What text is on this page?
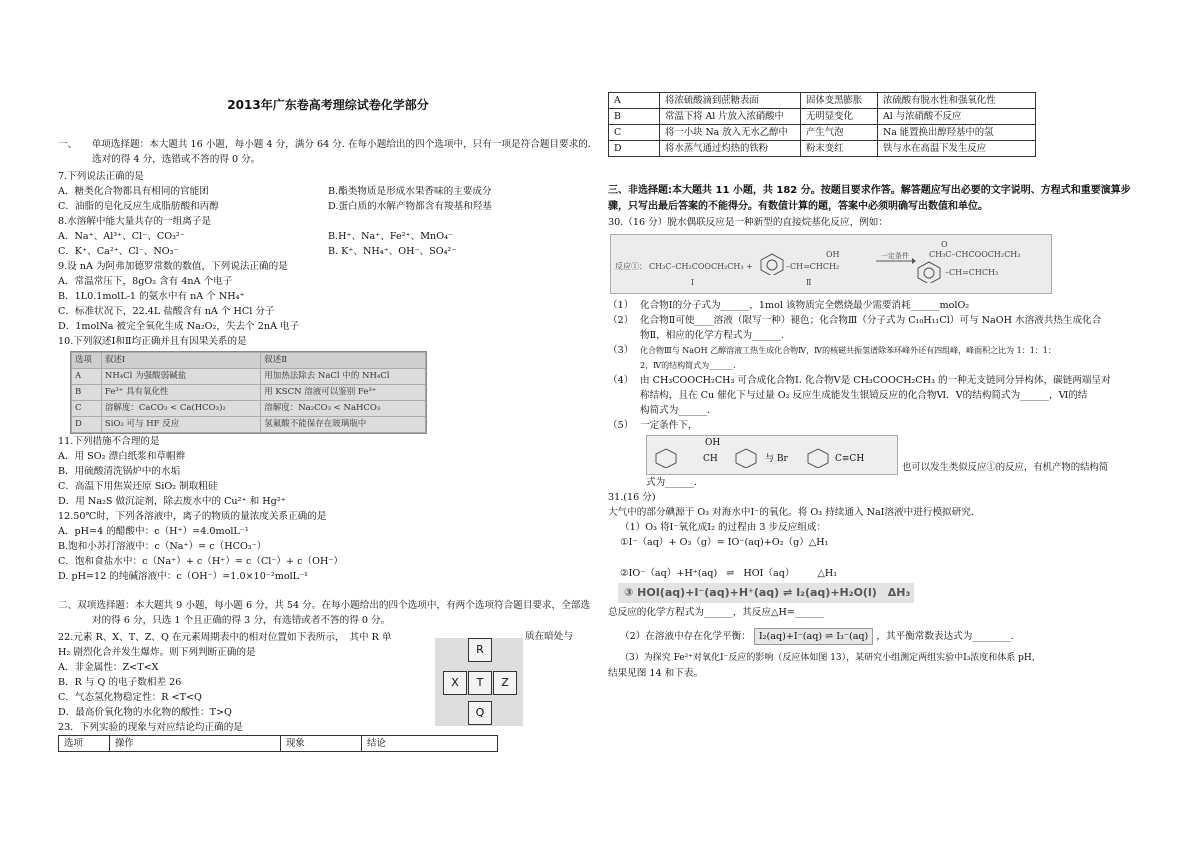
2013年广东卷高考理综试卷化学部分
一、　　单项选择题：本大题共 16 小题，每小题 4 分，满分 64 分. 在每小题给出的四个选项中，只有一项是符合题目要求的. 选对的得 4 分，选错或不答的得 0 分。
7.下列说法正确的是
A．糖类化合物都具有相同的官能团	B.酯类物质是形成水果香味的主要成分
C．油脂的皂化反应生成脂肪酸和丙醇	D.蛋白质的水解产物都含有羧基和羟基
8.水溶解中能大量共存的一组离子是
A．Na⁺、Al³⁺、Cl⁻、CO₃²⁻	B.H⁺、Na⁺、Fe²⁺、MnO₄⁻
C．K⁺、Ca²⁺、Cl⁻、NO₃⁻	B. K⁺、NH₄⁺、OH⁻、SO₄²⁻
9.设 nA 为阿弗加德罗常数的数值，下列说法正确的是
A．常温常压下，8gO₂ 含有 4nA 个电子
B．1L0.1molL-1 的氨水中有 nA 个 NH₄⁺
C．标准状况下，22.4L 盐酸含有 nA 个 HCl 分子
D．1molNa 被完全氧化生成 Na₂O₂，失去个 2nA 电子
10.下列叙述Ⅰ和Ⅱ均正确并且有因果关系的是
选项	叙述Ⅰ	叙述Ⅱ
A	NH₄Cl 为强酸弱碱盐	用加热法除去 NaCl 中的 NH₄Cl
B	Fe³⁺ 具有氧化性	用 KSCN 溶液可以鉴别 Fe³⁺
C	溶解度：CaCO₃ < Ca(HCO₃)₂	溶解度：Na₂CO₃ < NaHCO₃
D	SiO₂ 可与 HF 反应	氢氟酸不能保存在玻璃瓶中
11.下列措施不合理的是
A．用 SO₂ 漂白纸浆和草帽辫
B．用硫酸清洗锅炉中的水垢
C．高温下用焦炭还原 SiO₂ 制取粗硅
D．用 Na₂S 做沉淀剂，除去废水中的 Cu²⁺ 和 Hg²⁺
12.50℃时，下列各溶液中，离子的物质的量浓度关系正确的是
A．pH=4 的醋酸中：c（H⁺）=4.0molL⁻¹
B.饱和小苏打溶液中：c（Na⁺）= c（HCO₃⁻）
C．饱和食盐水中：c（Na⁺）+ c（H⁺）= c（Cl⁻）+ c（OH⁻）
D. pH=12 的纯碱溶液中：c（OH⁻）=1.0×10⁻²molL⁻¹
二、双项选择题：本大题共 9 小题，每小题 6 分，共 54 分。在每小题给出的四个选项中，有两个选项符合题目要求，全部选对的得 6 分，只选 1 个且正确的得 3 分，有选错或者不答的得 0 分。
22.元素 R、X、T、Z、Q 在元素周期表中的相对位置如下表所示，　其中 R 单
H₂ 剧烈化合并发生爆炸。则下列判断正确的是
A．非金属性：Z<T<X
B．R 与 Q 的电子数相差 26
C．气态氢化物稳定性：R <T<Q
D．最高价氧化物的水化物的酸性：T>Q
23．下列实验的现象与对应结论均正确的是
选项	操作	现象	结论
R
X	T	Z
Q
质在暗处与
A	将浓硫酸滴到蔗糖表面	固体变黑膨胀	浓硫酸有脱水性和强氧化性
B	常温下将 Al 片放入浓硝酸中	无明显变化	Al 与浓硝酸不反应
C	将一小块 Na 放入无水乙醇中	产生气泡	Na 能置换出醇羟基中的氢
D	将水蒸气通过灼热的铁粉	粉末变红	铁与水在高温下发生反应
三、非选择题:本大题共 11 小题，共 182 分。按题目要求作答。解答题应写出必要的文字说明、方程式和重要演算步骤，只写出最后答案的不能得分。有数值计算的题，答案中必须明确写出数值和单位。
30.（16 分）脱水偶联反应是一种新型的直接烷基化反应，例如：
反应①： CH₃C–CH₂COOCH₂CH₃ +
OH
–CH=CHCH₂
Ⅰ	Ⅱ
一定条件
O
CH₃C–CHCOOCH₂CH₃
–CH=CHCH₃
（1） 化合物Ⅰ的分子式为______，1mol 该物质完全燃烧最少需要消耗______molO₂
（2） 化合物Ⅱ可使____溶液（限写一种）褪色；化合物Ⅲ（分子式为 C₁₀H₁₁Cl）可与 NaOH 水溶液共热生成化合
物Ⅱ，相应的化学方程式为______.
（3） 化合物Ⅲ与 NaOH 乙醇溶液工热生成化合物Ⅳ，Ⅳ的核磁共振氢谱除苯环峰外还有四组峰，峰面积之比为 1：1：1：
2，Ⅳ的结构简式为______.
（4） 由 CH₃COOCH₂CH₃ 可合成化合物Ⅰ. 化合物Ⅴ是 CH₃COOCH₂CH₃ 的一种无支链同分异构体，碳链两端呈对
称结构，且在 Cu 催化下与过量 O₂ 反应生成能发生银镜反应的化合物Ⅵ．Ⅴ的结构简式为______，Ⅵ的结
构简式为______.
（5） 一定条件下，
OH
CH	与 Br	C≡CH
也可以发生类似反应①的反应，有机产物的结构简
式为______.
31.(16 分)
大气中的部分碘源于 O₃ 对海水中Ⅰ⁻的氧化。将 O₃ 持续通入 NaⅠ溶液中进行模拟研究.
（1）O₃ 将Ⅰ⁻氧化成Ⅰ₂ 的过程由 3 步反应组成：
①Ⅰ⁻（aq）+ O₃（g）= IO⁻(aq)+O₂（g）△H₁
②ⅠO⁻（aq）+H⁺(aq) ⇌ HOⅠ（aq） △H₁
③ HOI(aq)+I⁻(aq)+H⁺(aq) ⇌ I₂(aq)+H₂O(l)　ΔH₃
总反应的化学方程式为______，其反应△H=______
（2）在溶液中存在化学平衡： I₂(aq)+I⁻(aq) ⇌ I₃⁻(aq) ，其平衡常数表达式为________.
（3）为探究 Fe²⁺对氧化Ⅰ⁻反应的影响（反应体如图 13），某研究小组测定两组实验中Ⅰ₃浓度和体系 pH，
结果见图 14 和下表。
